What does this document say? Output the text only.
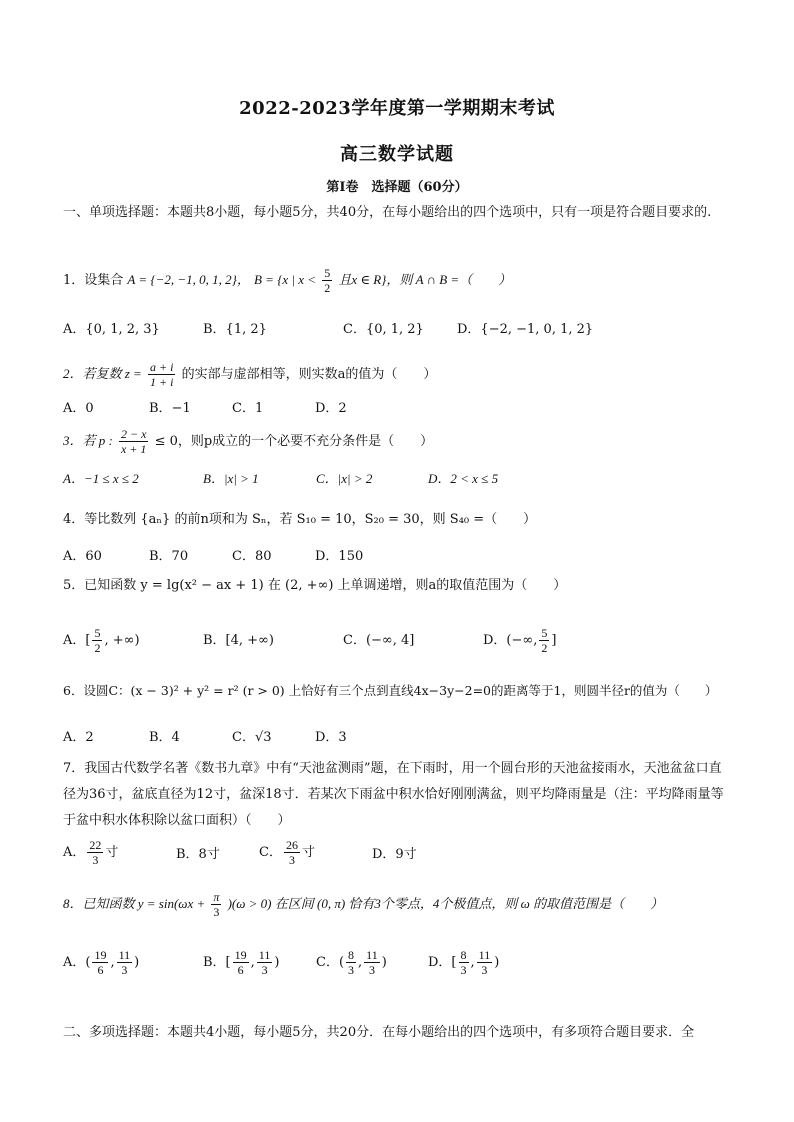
2022-2023学年度第一学期期末考试
高三数学试题
第Ⅰ卷　选择题（60分）
一、单项选择题：本题共8小题，每小题5分，共40分，在每小题给出的四个选项中，只有一项是符合题目要求的.
1．设集合 A = {−2, −1, 0, 1, 2}， B = {x | $x < \frac{5}{2}$ 且x ∈ R}，则 A ∩ B =（　　）
A．{0, 1, 2, 3}	B．{1, 2}	C．{0, 1, 2}	D．{−2, −1, 0, 1, 2}
2．若复数 $z = \frac{a + i}{1 + i}$ 的实部与虚部相等，则实数a的值为（　　）
A．0	B．−1	C．1	D．2
3．若 p : $\frac{2 - x}{x + 1} \le 0$，则p成立的一个必要不充分条件是（　　）
A．−1 ≤ x ≤ 2	B．|x| > 1	C．|x| > 2	D．2 < x ≤ 5
4．等比数列 {aₙ} 的前n项和为 Sₙ，若 S₁₀ = 10，S₂₀ = 30，则 S₄₀ =（　　）
A．60	B．70	C．80	D．150
5．已知函数 y = lg(x² − ax + 1) 在 (2, +∞) 上单调递增，则a的取值范围为（　　）
A．[ $\frac{5}{2}$ , +∞)	B．[4, +∞)	C．(−∞, 4]	D．(−∞, $\frac{5}{2}$ ]
6．设圆C：(x − 3)² + y² = r² (r > 0) 上恰好有三个点到直线4x−3y−2=0的距离等于1，则圆半径r的值为（　　）
A．2	B．4	C．√3	D．3
7．我国古代数学名著《数书九章》中有“天池盆测雨”题，在下雨时，用一个圆台形的天池盆接雨水，天池盆盆口直径为36寸，盆底直径为12寸，盆深18寸．若某次下雨盆中积水恰好刚刚满盆，则平均降雨量是（注：平均降雨量等于盆中积水体积除以盆口面积）（　　）
A． $\frac{22}{3}$ 寸	B．8寸	C． $\frac{26}{3}$ 寸	D．9寸
8．已知函数 $y = \sin(\omega x + \frac{\pi}{3} )(\omega > 0)$ 在区间 (0, π) 恰有3个零点，4个极值点，则 ω 的取值范围是（　　）
A．( $\frac{19}{6}$ , $\frac{11}{3}$ )	B．[ $\frac{19}{6}$ , $\frac{11}{3}$ )	C．( $\frac{8}{3}$ , $\frac{11}{3}$ )	D．[ $\frac{8}{3}$ , $\frac{11}{3}$ )
二、多项选择题：本题共4小题，每小题5分，共20分．在每小题给出的四个选项中，有多项符合题目要求．全
